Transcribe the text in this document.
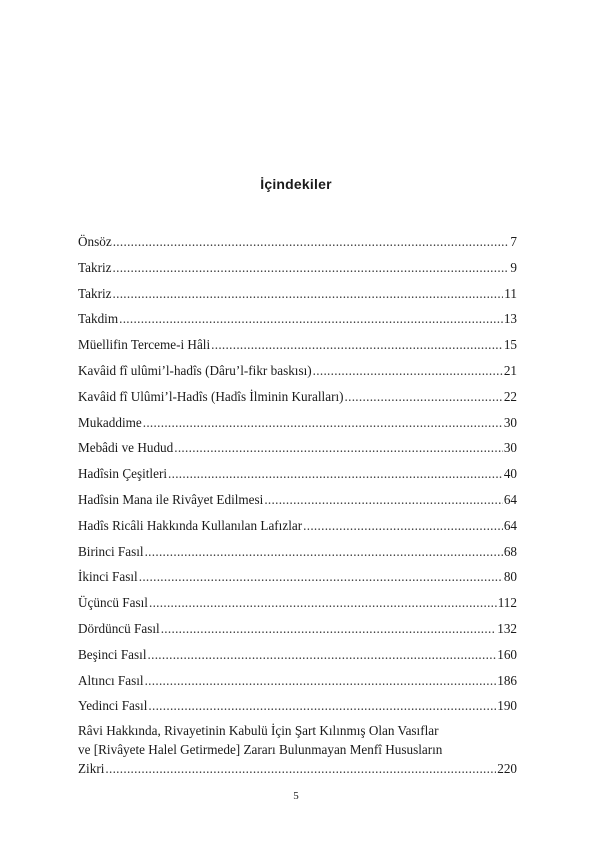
İçindekiler
Önsöz .....	7
Takriz .....	9
Takriz .....	11
Takdim .....	13
Müellifin Terceme-i Hâli .....	15
Kavâid fî ulûmi’l-hadîs (Dâru’l-fikr baskısı) .....	21
Kavâid fî Ulûmi’l-Hadîs (Hadîs İlminin Kuralları) .....	22
Mukaddime .....	30
Mebâdi ve Hudud .....	30
Hadîsin Çeşitleri .....	40
Hadîsin Mana ile Rivâyet Edilmesi .....	64
Hadîs Ricâli Hakkında Kullanılan Lafızlar .....	64
Birinci Fasıl .....	68
İkinci Fasıl .....	80
Üçüncü Fasıl .....	112
Dördüncü Fasıl .....	132
Beşinci Fasıl .....	160
Altıncı Fasıl .....	186
Yedinci Fasıl .....	190
Râvi Hakkında, Rivayetinin Kabulü İçin Şart Kılınmış Olan Vasıflar
ve [Rivâyete Halel Getirmede] Zararı Bulunmayan Menfî Hususların
Zikri .....	220
5
